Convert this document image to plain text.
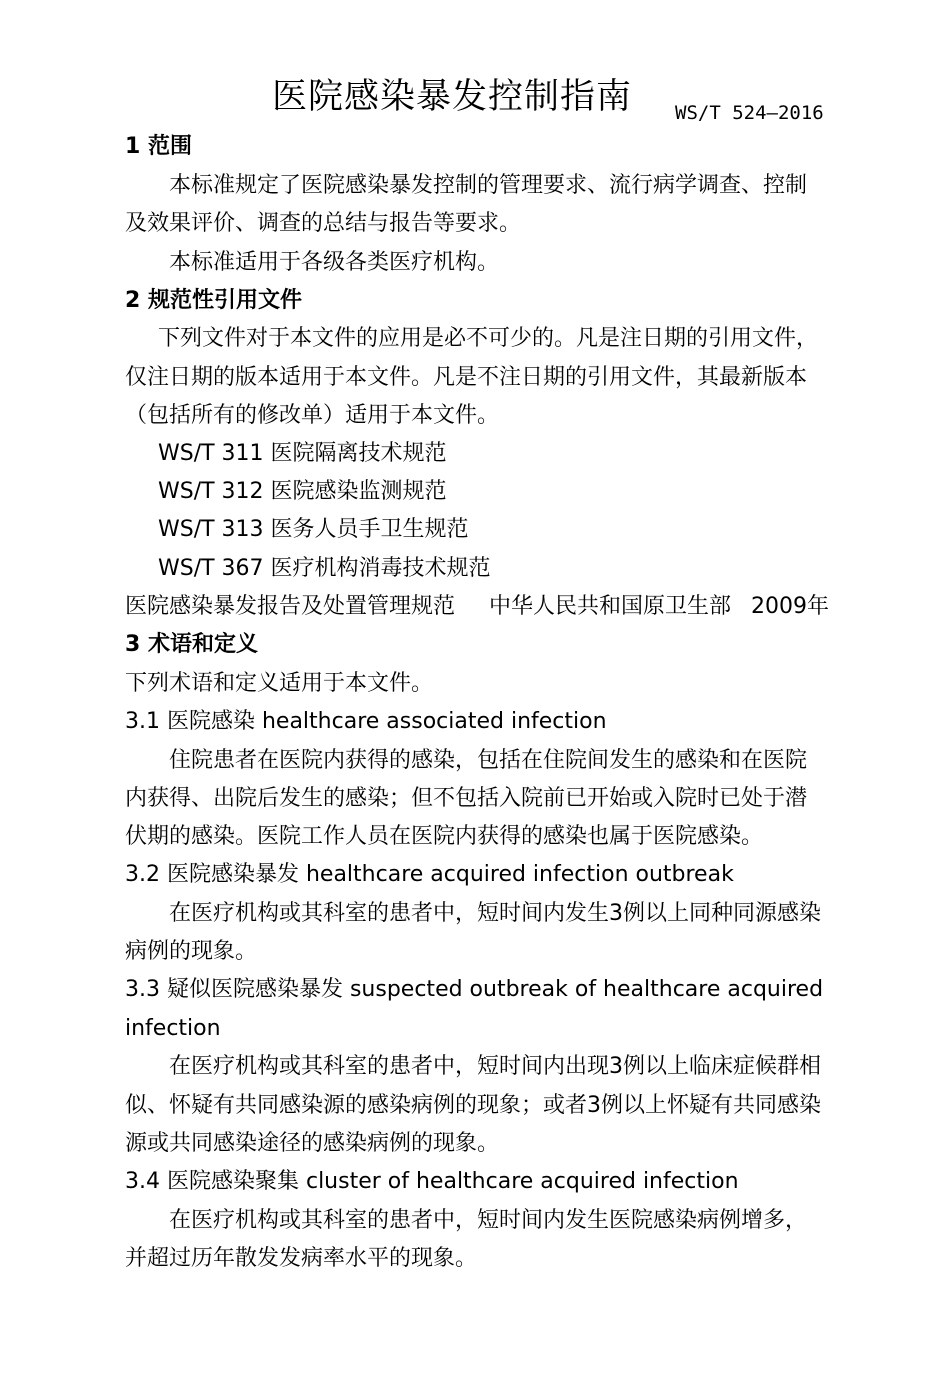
医院感染暴发控制指南 WS/T 524—2016
1 范围
本标准规定了医院感染暴发控制的管理要求、流行病学调查、控制
及效果评价、调查的总结与报告等要求。
本标准适用于各级各类医疗机构。
2 规范性引用文件
下列文件对于本文件的应用是必不可少的。凡是注日期的引用文件，
仅注日期的版本适用于本文件。凡是不注日期的引用文件，其最新版本
（包括所有的修改单）适用于本文件。
WS/T 311 医院隔离技术规范
WS/T 312 医院感染监测规范
WS/T 313 医务人员手卫生规范
WS/T 367 医疗机构消毒技术规范
医院感染暴发报告及处置管理规范 中华人民共和国原卫生部 2009年
3 术语和定义
下列术语和定义适用于本文件。
3.1 医院感染 healthcare associated infection
住院患者在医院内获得的感染，包括在住院间发生的感染和在医院
内获得、出院后发生的感染；但不包括入院前已开始或入院时已处于潜
伏期的感染。医院工作人员在医院内获得的感染也属于医院感染。
3.2 医院感染暴发 healthcare acquired infection outbreak
在医疗机构或其科室的患者中，短时间内发生3例以上同种同源感染
病例的现象。
3.3 疑似医院感染暴发 suspected outbreak of healthcare acquired
infection
在医疗机构或其科室的患者中，短时间内出现3例以上临床症候群相
似、怀疑有共同感染源的感染病例的现象；或者3例以上怀疑有共同感染
源或共同感染途径的感染病例的现象。
3.4 医院感染聚集 cluster of healthcare acquired infection
在医疗机构或其科室的患者中，短时间内发生医院感染病例增多，
并超过历年散发发病率水平的现象。
